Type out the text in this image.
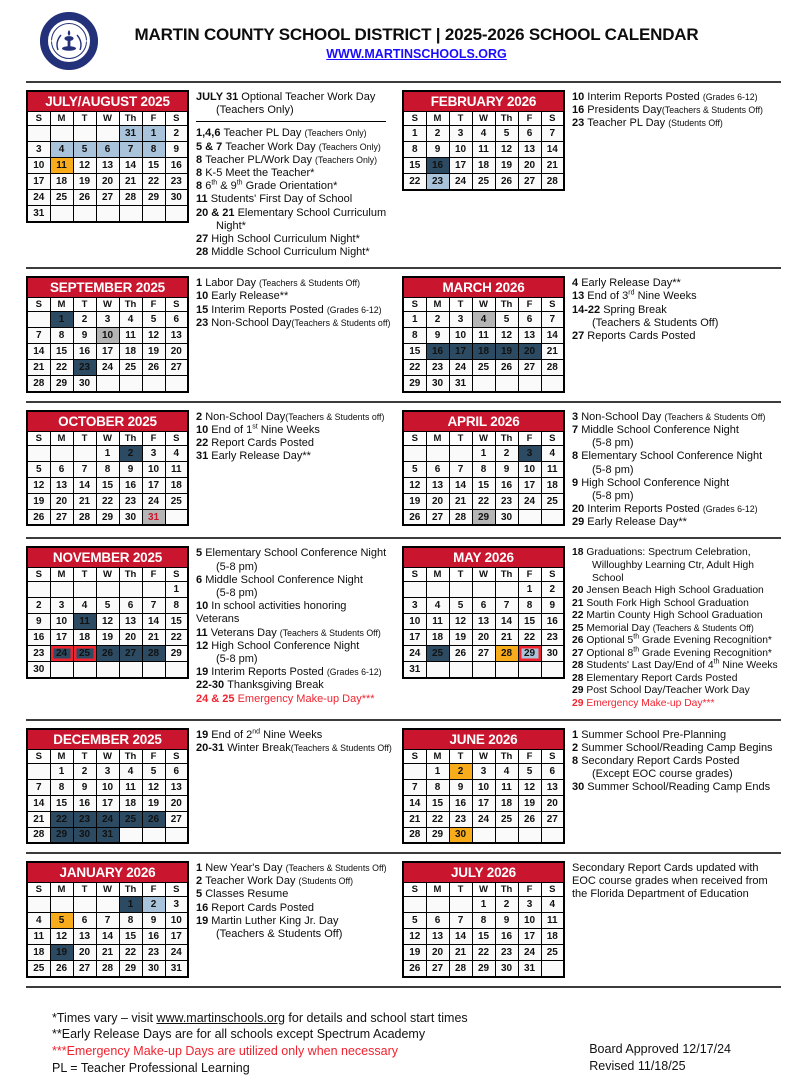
MARTIN COUNTY SCHOOL DISTRICT | 2025-2026 SCHOOL CALENDAR
WWW.MARTINSCHOOLS.ORG
JULY/AUGUST 2025						
S	M	T	W	Th	F	S
				31	1	2
3	4	5	6	7	8	9
10	11	12	13	14	15	16
17	18	19	20	21	22	23
24	25	26	27	28	29	30
31						
JULY 31 Optional Teacher Work Day
(Teachers Only)
1,4,6 Teacher PL Day (Teachers Only)
5 & 7 Teacher Work Day (Teachers Only)
8 Teacher PL/Work Day (Teachers Only)
8 K-5 Meet the Teacher*
8 6th & 9th Grade Orientation*
11 Students' First Day of School
20 & 21 Elementary School Curriculum
Night*
27 High School Curriculum Night*
28 Middle School Curriculum Night*
FEBRUARY 2026						
S	M	T	W	Th	F	S
1	2	3	4	5	6	7
8	9	10	11	12	13	14
15	16	17	18	19	20	21
22	23	24	25	26	27	28
10 Interim Reports Posted (Grades 6-12)
16 Presidents Day(Teachers & Students Off)
23 Teacher PL Day (Students Off)
SEPTEMBER 2025						
S	M	T	W	Th	F	S
	1	2	3	4	5	6
7	8	9	10	11	12	13
14	15	16	17	18	19	20
21	22	23	24	25	26	27
28	29	30				
1 Labor Day (Teachers & Students Off)
10 Early Release**
15 Interim Reports Posted (Grades 6-12)
23 Non-School Day(Teachers & Students off)
MARCH 2026						
S	M	T	W	Th	F	S
1	2	3	4	5	6	7
8	9	10	11	12	13	14
15	16	17	18	19	20	21
22	23	24	25	26	27	28
29	30	31				
4 Early Release Day**
13 End of 3rd Nine Weeks
14-22 Spring Break
(Teachers & Students Off)
27 Reports Cards Posted
OCTOBER 2025						
S	M	T	W	Th	F	S
			1	2	3	4
5	6	7	8	9	10	11
12	13	14	15	16	17	18
19	20	21	22	23	24	25
26	27	28	29	30	31	
2 Non-School Day(Teachers & Students off)
10 End of 1st Nine Weeks
22 Report Cards Posted
31 Early Release Day**
APRIL 2026						
S	M	T	W	Th	F	S
			1	2	3	4
5	6	7	8	9	10	11
12	13	14	15	16	17	18
19	20	21	22	23	24	25
26	27	28	29	30		
3 Non-School Day (Teachers & Students Off)
7 Middle School Conference Night
(5-8 pm)
8 Elementary School Conference Night
(5-8 pm)
9 High School Conference Night
(5-8 pm)
20 Interim Reports Posted (Grades 6-12)
29 Early Release Day**
NOVEMBER 2025						
S	M	T	W	Th	F	S
						1
2	3	4	5	6	7	8
9	10	11	12	13	14	15
16	17	18	19	20	21	22
23	24	25	26	27	28	29
30						
5 Elementary School Conference Night
(5-8 pm)
6 Middle School Conference Night
(5-8 pm)
10 In school activities honoring Veterans
11 Veterans Day (Teachers & Students Off)
12 High School Conference Night
(5-8 pm)
19 Interim Reports Posted (Grades 6-12)
22-30 Thanksgiving Break
24 & 25 Emergency Make-up Day***
MAY 2026						
S	M	T	W	Th	F	S
					1	2
3	4	5	6	7	8	9
10	11	12	13	14	15	16
17	18	19	20	21	22	23
24	25	26	27	28	29	30
31						
18 Graduations: Spectrum Celebration,
Willoughby Learning Ctr, Adult High
School
20 Jensen Beach High School Graduation
21 South Fork High School Graduation
22 Martin County High School Graduation
25 Memorial Day (Teachers & Students Off)
26 Optional 5th Grade Evening Recognition*
27 Optional 8th Grade Evening Recognition*
28 Students' Last Day/End of 4th Nine Weeks
28 Elementary Report Cards Posted
29 Post School Day/Teacher Work Day
29 Emergency Make-up Day***
DECEMBER 2025						
S	M	T	W	Th	F	S
	1	2	3	4	5	6
7	8	9	10	11	12	13
14	15	16	17	18	19	20
21	22	23	24	25	26	27
28	29	30	31			
19 End of 2nd Nine Weeks
20-31 Winter Break(Teachers & Students Off)
JUNE 2026						
S	M	T	W	Th	F	S
	1	2	3	4	5	6
7	8	9	10	11	12	13
14	15	16	17	18	19	20
21	22	23	24	25	26	27
28	29	30				
1 Summer School Pre-Planning
2 Summer School/Reading Camp Begins
8 Secondary Report Cards Posted
(Except EOC course grades)
30 Summer School/Reading Camp Ends
JANUARY 2026						
S	M	T	W	Th	F	S
				1	2	3
4	5	6	7	8	9	10
11	12	13	14	15	16	17
18	19	20	21	22	23	24
25	26	27	28	29	30	31
1 New Year's Day (Teachers & Students Off)
2 Teacher Work Day (Students Off)
5 Classes Resume
16 Report Cards Posted
19 Martin Luther King Jr. Day
(Teachers & Students Off)
JULY 2026						
S	M	T	W	Th	F	S
			1	2	3	4
5	6	7	8	9	10	11
12	13	14	15	16	17	18
19	20	21	22	23	24	25
26	27	28	29	30	31	
Secondary Report Cards updated with EOC course grades when received from the Florida Department of Education
*Times vary – visit www.martinschools.org for details and school start times
**Early Release Days are for all schools except Spectrum Academy
***Emergency Make-up Days are utilized only when necessary
PL = Teacher Professional Learning
Board Approved 12/17/24
Revised 11/18/25
